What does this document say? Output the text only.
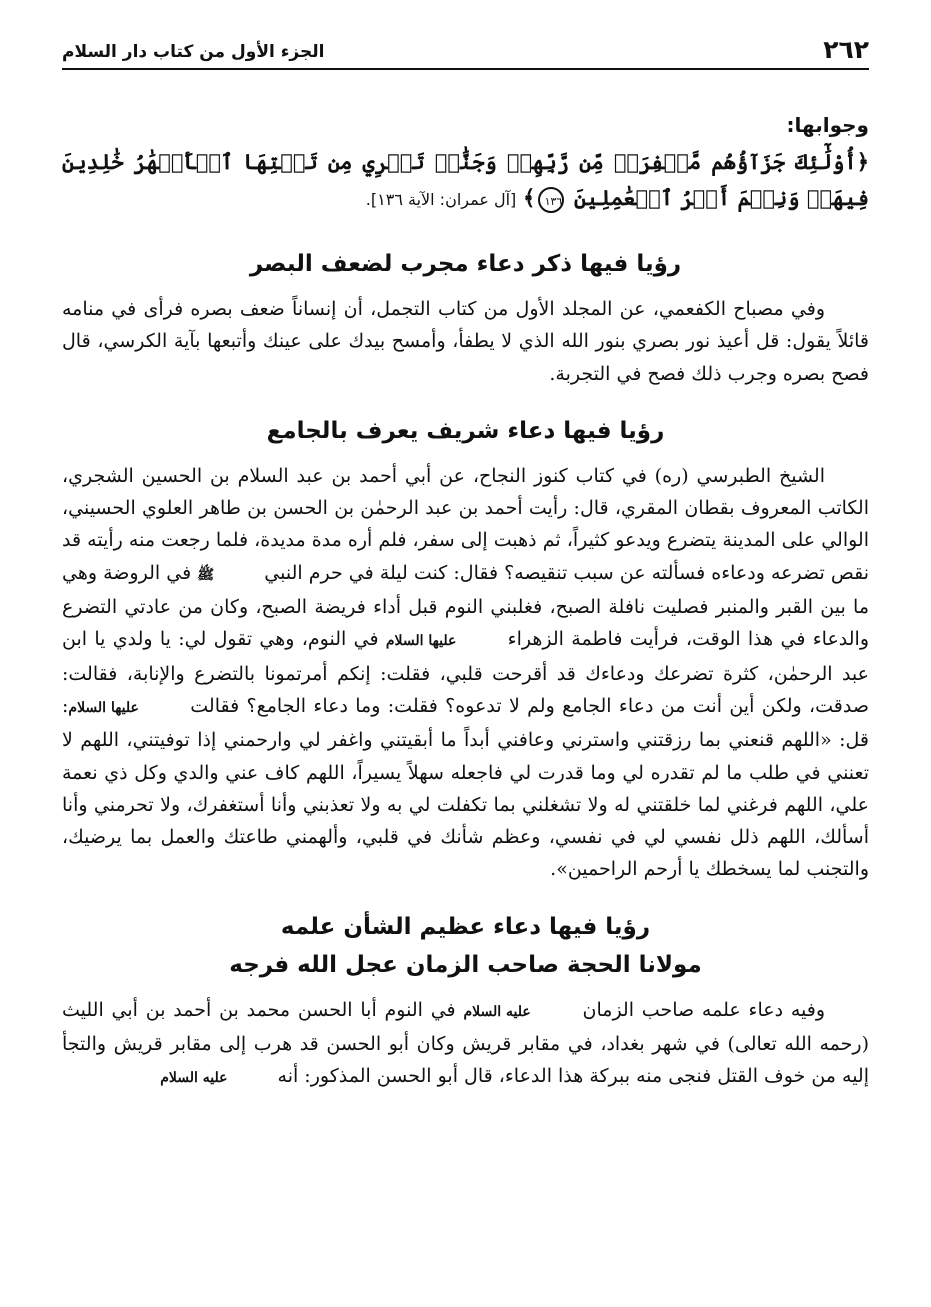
٢٦٢
الجزء الأول من كتاب دار السلام

وجوابها:

﴿أُوْلَٰٓئِكَ جَزَآؤُهُم مَّغۡفِرَةٞ مِّن رَّبِّهِمۡ وَجَنَّٰتٞ تَجۡرِي مِن تَحۡتِهَا ٱلۡأَنۡهَٰرُ خَٰلِدِينَ فِيهَاۚ وَنِعۡمَ أَجۡرُ ٱلۡعَٰمِلِينَ ١٣٦﴾ [آل عمران: الآية ١٣٦].

رؤيا فيها ذكر دعاء مجرب لضعف البصر

وفي مصباح الكفعمي، عن المجلد الأول من كتاب التجمل، أن إنساناً ضعف بصره فرأى في منامه قائلاً يقول: قل أعيذ نور بصري بنور الله الذي لا يطفأ، وأمسح بيدك على عينك وأتبعها بآية الكرسي، قال فصح بصره وجرب ذلك فصح في التجربة.

رؤيا فيها دعاء شريف يعرف بالجامع

الشيخ الطبرسي (ره) في كتاب كنوز النجاح، عن أبي أحمد بن عبد السلام بن الحسين الشجري، الكاتب المعروف بقطان المقري، قال: رأيت أحمد بن عبد الرحمٰن بن الحسن بن طاهر العلوي الحسيني، الوالي على المدينة يتضرع ويدعو كثيراً، ثم ذهبت إلى سفر، فلم أره مدة مديدة، فلما رجعت منه رأيته قد نقص تضرعه ودعاءه فسألته عن سبب تنقيصه؟ فقال: كنت ليلة في حرم النبي ﷺ في الروضة وهي ما بين القبر والمنبر فصليت نافلة الصبح، فغلبني النوم قبل أداء فريضة الصبح، وكان من عادتي التضرع والدعاء في هذا الوقت، فرأيت فاطمة الزهراء عليها السلام في النوم، وهي تقول لي: يا ولدي يا ابن عبد الرحمٰن، كثرة تضرعك ودعاءك قد أقرحت قلبي، فقلت: إنكم أمرتمونا بالتضرع والإنابة، فقالت: صدقت، ولكن أين أنت من دعاء الجامع ولم لا تدعوه؟ فقلت: وما دعاء الجامع؟ فقالت عليها السلام: قل: «اللهم قنعني بما رزقتني واسترني وعافني أبداً ما أبقيتني واغفر لي وارحمني إذا توفيتني، اللهم لا تعنني في طلب ما لم تقدره لي وما قدرت لي فاجعله سهلاً يسيراً، اللهم كاف عني والدي وكل ذي نعمة علي، اللهم فرغني لما خلقتني له ولا تشغلني بما تكفلت لي به ولا تعذبني وأنا أستغفرك، ولا تحرمني وأنا أسألك، اللهم ذلل نفسي لي في نفسي، وعظم شأنك في قلبي، وألهمني طاعتك والعمل بما يرضيك، والتجنب لما يسخطك يا أرحم الراحمين».

رؤيا فيها دعاء عظيم الشأن علمه
مولانا الحجة صاحب الزمان عجل الله فرجه

وفيه دعاء علمه صاحب الزمان عليه السلام في النوم أبا الحسن محمد بن أحمد بن أبي الليث (رحمه الله تعالى) في شهر بغداد، في مقابر قريش وكان أبو الحسن قد هرب إلى مقابر قريش والتجأ إليه من خوف القتل فنجى منه ببركة هذا الدعاء، قال أبو الحسن المذكور: أنه عليه السلام
